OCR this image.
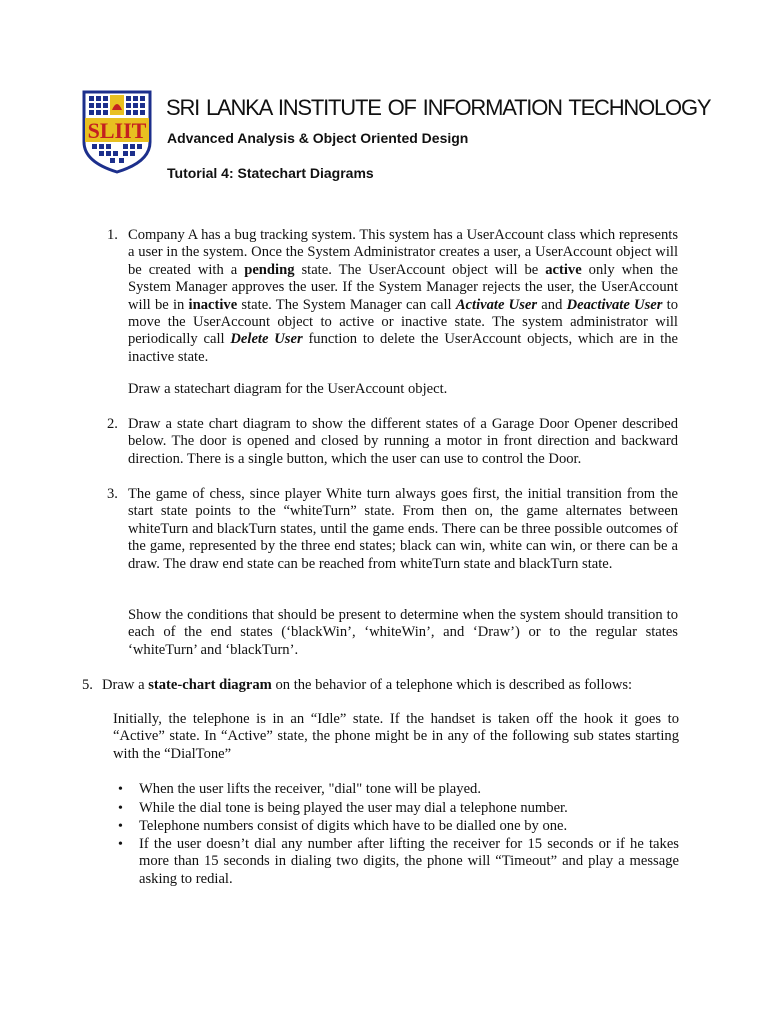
SLIIT
SRI LANKA INSTITUTE OF INFORMATION TECHNOLOGY
Advanced Analysis & Object Oriented Design
Tutorial 4: Statechart Diagrams
1. Company A has a bug tracking system. This system has a UserAccount class which represents a user in the system. Once the System Administrator creates a user, a UserAccount object will be created with a pending state. The UserAccount object will be active only when the System Manager approves the user. If the System Manager rejects the user, the UserAccount will be in inactive state. The System Manager can call Activate User and Deactivate User to move the UserAccount object to active or inactive state. The system administrator will periodically call Delete User function to delete the UserAccount objects, which are in the inactive state.
Draw a statechart diagram for the UserAccount object.
2. Draw a state chart diagram to show the different states of a Garage Door Opener described below. The door is opened and closed by running a motor in front direction and backward direction. There is a single button, which the user can use to control the Door.
3. The game of chess, since player White turn always goes first, the initial transition from the start state points to the “whiteTurn” state. From then on, the game alternates between whiteTurn and blackTurn states, until the game ends. There can be three possible outcomes of the game, represented by the three end states; black can win, white can win, or there can be a draw. The draw end state can be reached from whiteTurn state and blackTurn state.
Show the conditions that should be present to determine when the system should transition to each of the end states (‘blackWin’, ‘whiteWin’, and ‘Draw’) or to the regular states ‘whiteTurn’ and ‘blackTurn’.
5. Draw a state-chart diagram on the behavior of a telephone which is described as follows:
Initially, the telephone is in an “Idle” state. If the handset is taken off the hook it goes to “Active” state. In “Active” state, the phone might be in any of the following sub states starting with the “DialTone”
• When the user lifts the receiver, "dial" tone will be played.
• While the dial tone is being played the user may dial a telephone number.
• Telephone numbers consist of digits which have to be dialled one by one.
• If the user doesn’t dial any number after lifting the receiver for 15 seconds or if he takes more than 15 seconds in dialing two digits, the phone will “Timeout” and play a message asking to redial.
